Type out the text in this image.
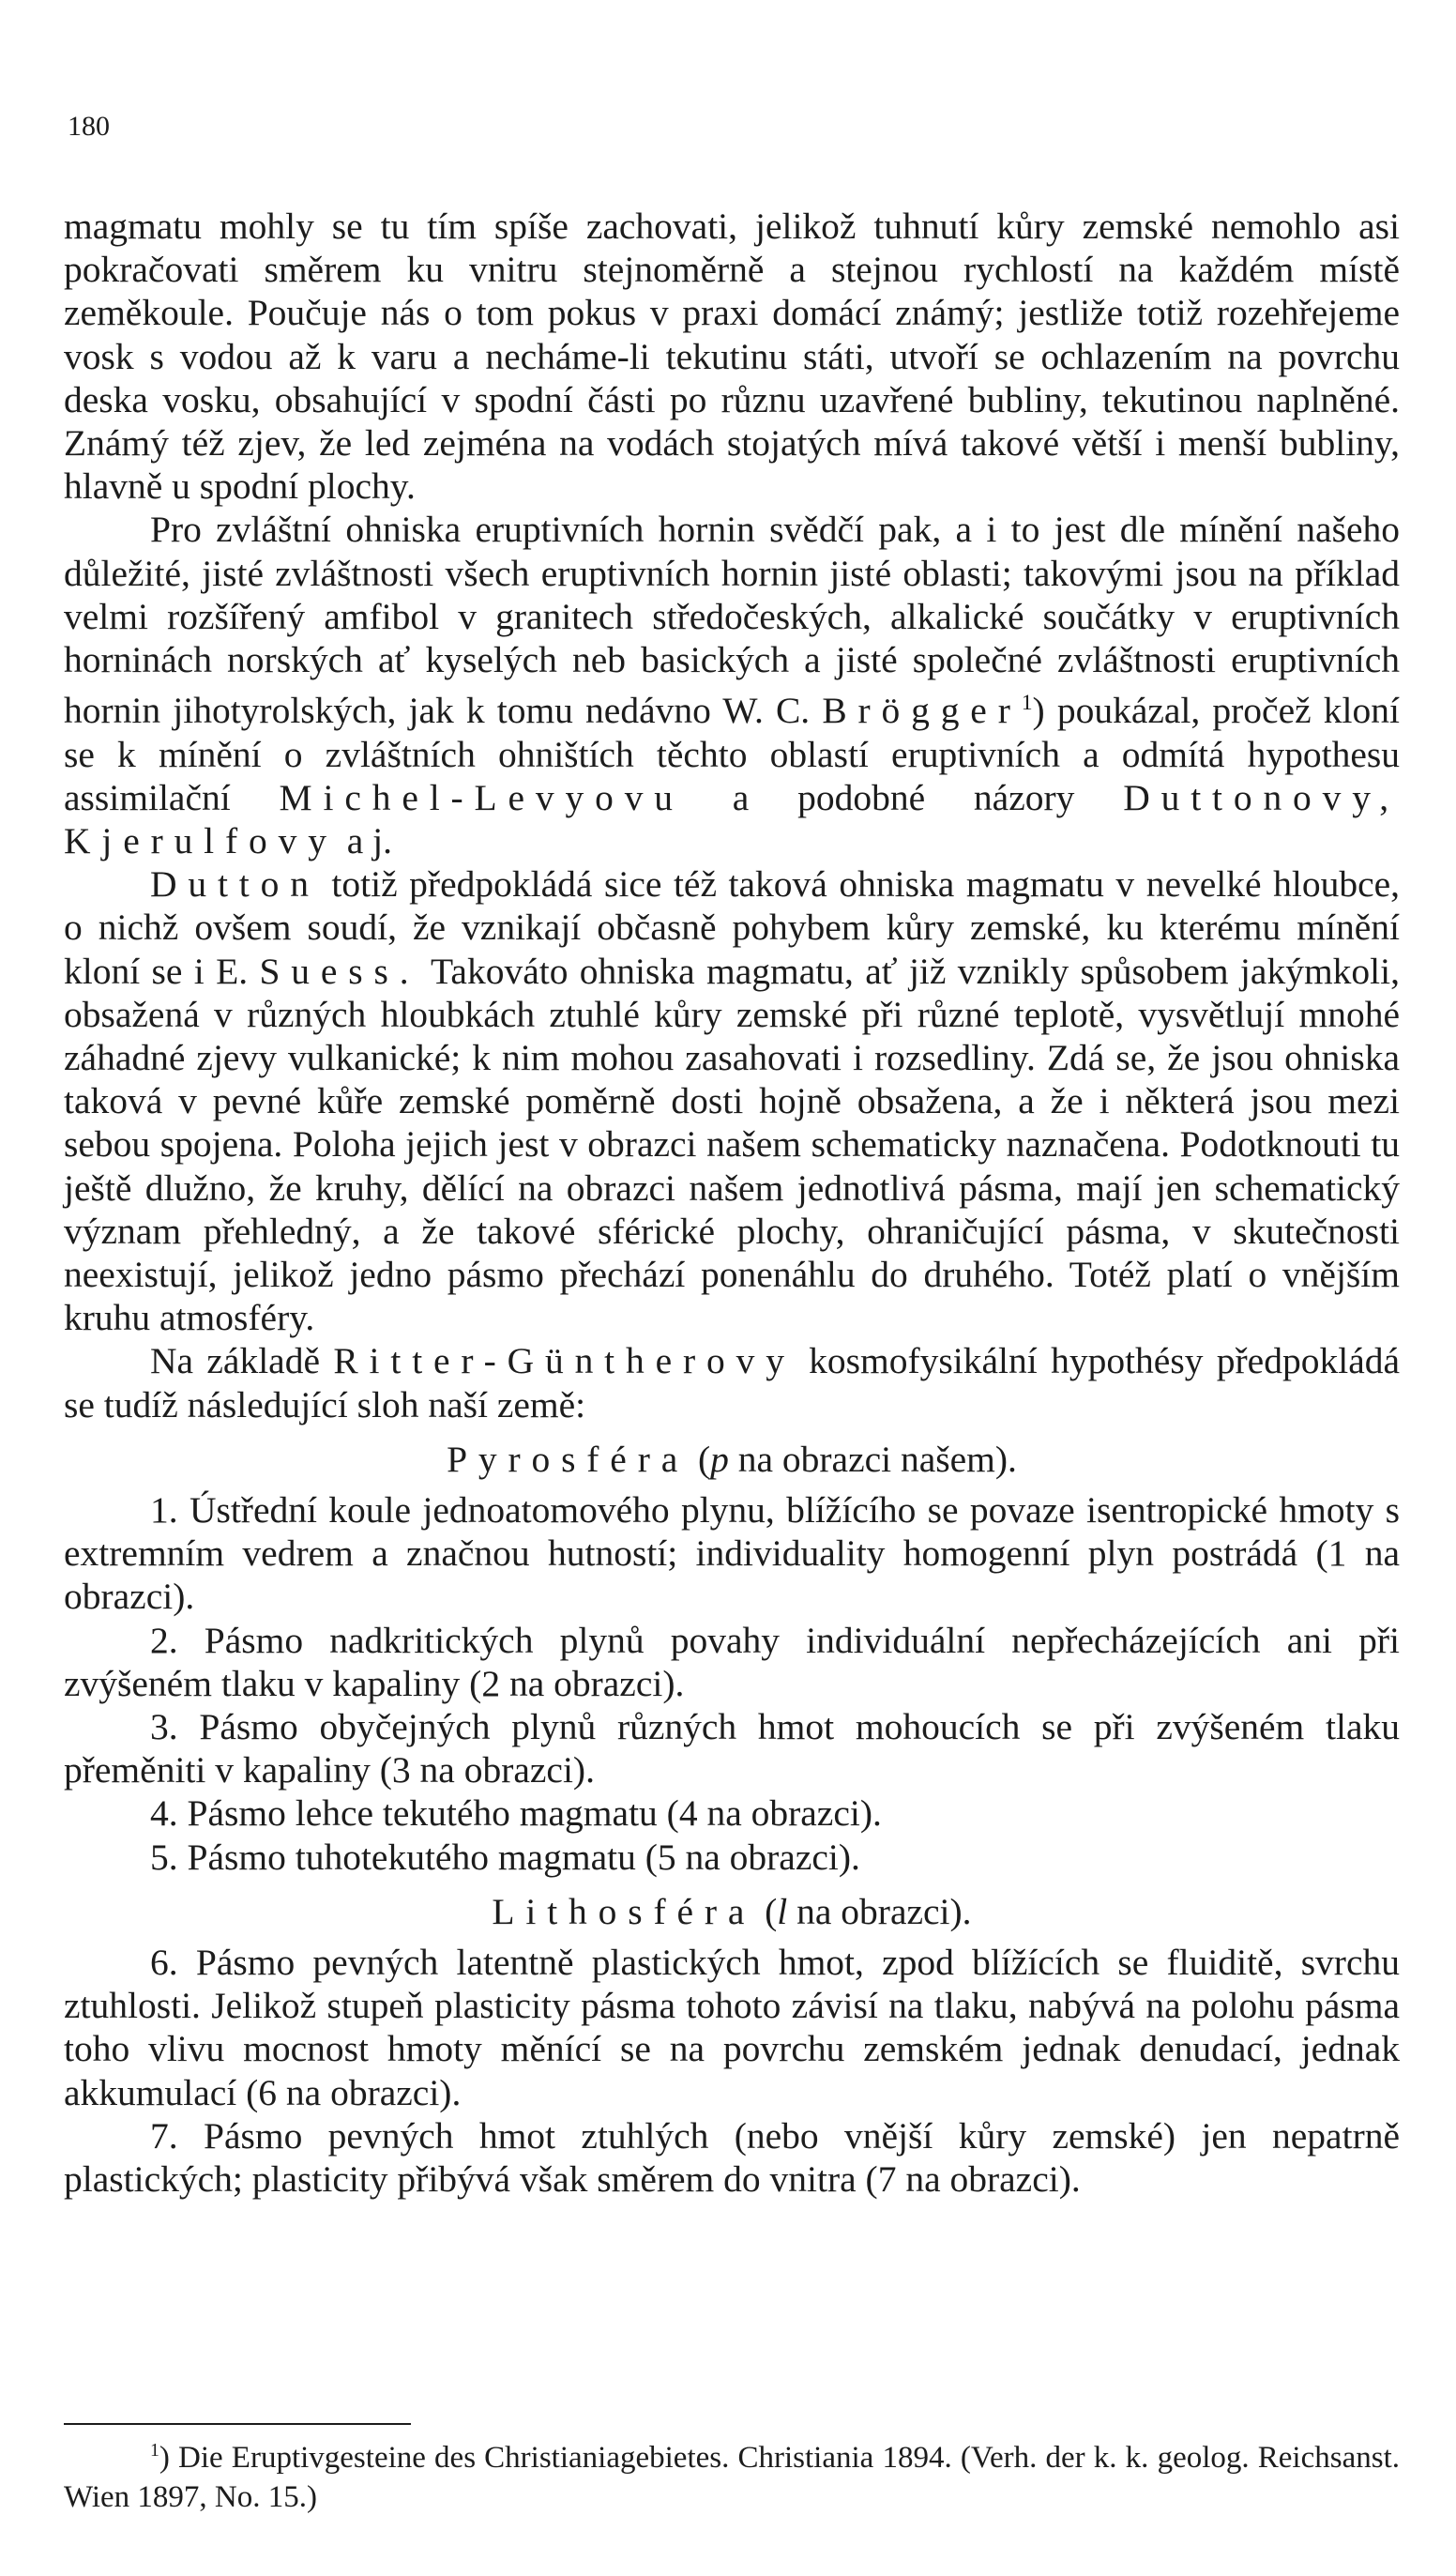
180

magmatu mohly se tu tím spíše zachovati, jelikož tuhnutí kůry zemské nemohlo asi pokračovati směrem ku vnitru stejnoměrně a stejnou rychlostí na každém místě zeměkoule. Poučuje nás o tom pokus v praxi domácí známý; jestliže totiž rozehřejeme vosk s vodou až k varu a necháme-li tekutinu státi, utvoří se ochlazením na povrchu deska vosku, obsahující v spodní části po různu uzavřené bubliny, tekutinou naplněné. Známý též zjev, že led zejména na vodách stojatých mívá takové větší i menší bubliny, hlavně u spodní plochy.

Pro zvláštní ohniska eruptivních hornin svědčí pak, a i to jest dle mínění našeho důležité, jisté zvláštnosti všech eruptivních hornin jisté oblasti; takovými jsou na příklad velmi rozšířený amfibol v granitech středočeských, alkalické součátky v eruptivních horninách norských ať kyselých neb basických a jisté společné zvláštnosti eruptivních hornin jihotyrolských, jak k tomu nedávno W. C. Brögger$^1$) poukázal, pročež kloní se k mínění o zvláštních ohništích těchto oblastí eruptivních a odmítá hypothesu assimilační Michel-Levyovu a podobné názory Duttonovy, Kjerulfovy a j.

Dutton totiž předpokládá sice též taková ohniska magmatu v nevelké hloubce, o nichž ovšem soudí, že vznikají občasně pohybem kůry zemské, ku kterému mínění kloní se i E. Suess. Takováto ohniska magmatu, ať již vznikly spůsobem jakýmkoli, obsažená v různých hloubkách ztuhlé kůry zemské při různé teplotě, vysvětlují mnohé záhadné zjevy vulkanické; k nim mohou zasahovati i rozsedliny. Zdá se, že jsou ohniska taková v pevné kůře zemské poměrně dosti hojně obsažena, a že i některá jsou mezi sebou spojena. Poloha jejich jest v obrazci našem schematicky naznačena. Podotknouti tu ještě dlužno, že kruhy, dělící na obrazci našem jednotlivá pásma, mají jen schematický význam přehledný, a že takové sférické plochy, ohraničující pásma, v skutečnosti neexistují, jelikož jedno pásmo přechází ponenáhlu do druhého. Totéž platí o vnějším kruhu atmosféry.

Na základě Ritter-Güntherovy kosmofysikální hypothésy předpokládá se tudíž následující sloh naší země:

Pyrosféra (p na obrazci našem).

1. Ústřední koule jednoatomového plynu, blížícího se povaze isentropické hmoty s extremním vedrem a značnou hutností; individuality homogenní plyn postrádá (1 na obrazci).

2. Pásmo nadkritických plynů povahy individuální nepřecházejících ani při zvýšeném tlaku v kapaliny (2 na obrazci).

3. Pásmo obyčejných plynů různých hmot mohoucích se při zvýšeném tlaku přeměniti v kapaliny (3 na obrazci).

4. Pásmo lehce tekutého magmatu (4 na obrazci).

5. Pásmo tuhotekutého magmatu (5 na obrazci).

Lithosféra (l na obrazci).

6. Pásmo pevných latentně plastických hmot, zpod blížících se fluiditě, svrchu ztuhlosti. Jelikož stupeň plasticity pásma tohoto závisí na tlaku, nabývá na polohu pásma toho vlivu mocnost hmoty měnící se na povrchu zemském jednak denudací, jednak akkumulací (6 na obrazci).

7. Pásmo pevných hmot ztuhlých (nebo vnější kůry zemské) jen nepatrně plastických; plasticity přibývá však směrem do vnitra (7 na obrazci).

$^1$) Die Eruptivgesteine des Christianiagebietes. Christiania 1894. (Verh. der k. k. geolog. Reichsanst. Wien 1897, No. 15.)
